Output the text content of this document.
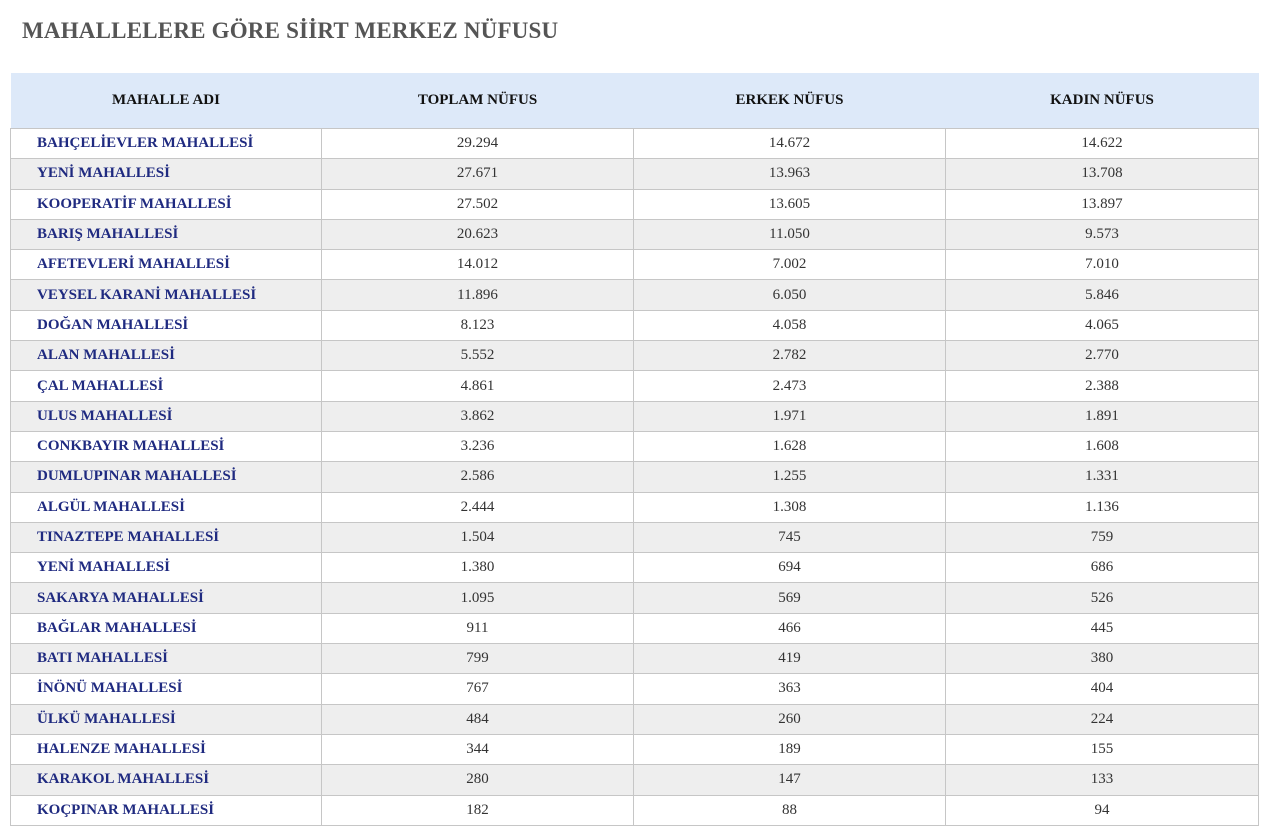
MAHALLELERE GÖRE SİİRT MERKEZ NÜFUSU
MAHALLE ADI	TOPLAM NÜFUS	ERKEK NÜFUS	KADIN NÜFUS
BAHÇELİEVLER MAHALLESİ	29.294	14.672	14.622
YENİ MAHALLESİ	27.671	13.963	13.708
KOOPERATİF MAHALLESİ	27.502	13.605	13.897
BARIŞ MAHALLESİ	20.623	11.050	9.573
AFETEVLERİ MAHALLESİ	14.012	7.002	7.010
VEYSEL KARANİ MAHALLESİ	11.896	6.050	5.846
DOĞAN MAHALLESİ	8.123	4.058	4.065
ALAN MAHALLESİ	5.552	2.782	2.770
ÇAL MAHALLESİ	4.861	2.473	2.388
ULUS MAHALLESİ	3.862	1.971	1.891
CONKBAYIR MAHALLESİ	3.236	1.628	1.608
DUMLUPINAR MAHALLESİ	2.586	1.255	1.331
ALGÜL MAHALLESİ	2.444	1.308	1.136
TINAZTEPE MAHALLESİ	1.504	745	759
YENİ MAHALLESİ	1.380	694	686
SAKARYA MAHALLESİ	1.095	569	526
BAĞLAR MAHALLESİ	911	466	445
BATI MAHALLESİ	799	419	380
İNÖNÜ MAHALLESİ	767	363	404
ÜLKÜ MAHALLESİ	484	260	224
HALENZE MAHALLESİ	344	189	155
KARAKOL MAHALLESİ	280	147	133
KOÇPINAR MAHALLESİ	182	88	94
